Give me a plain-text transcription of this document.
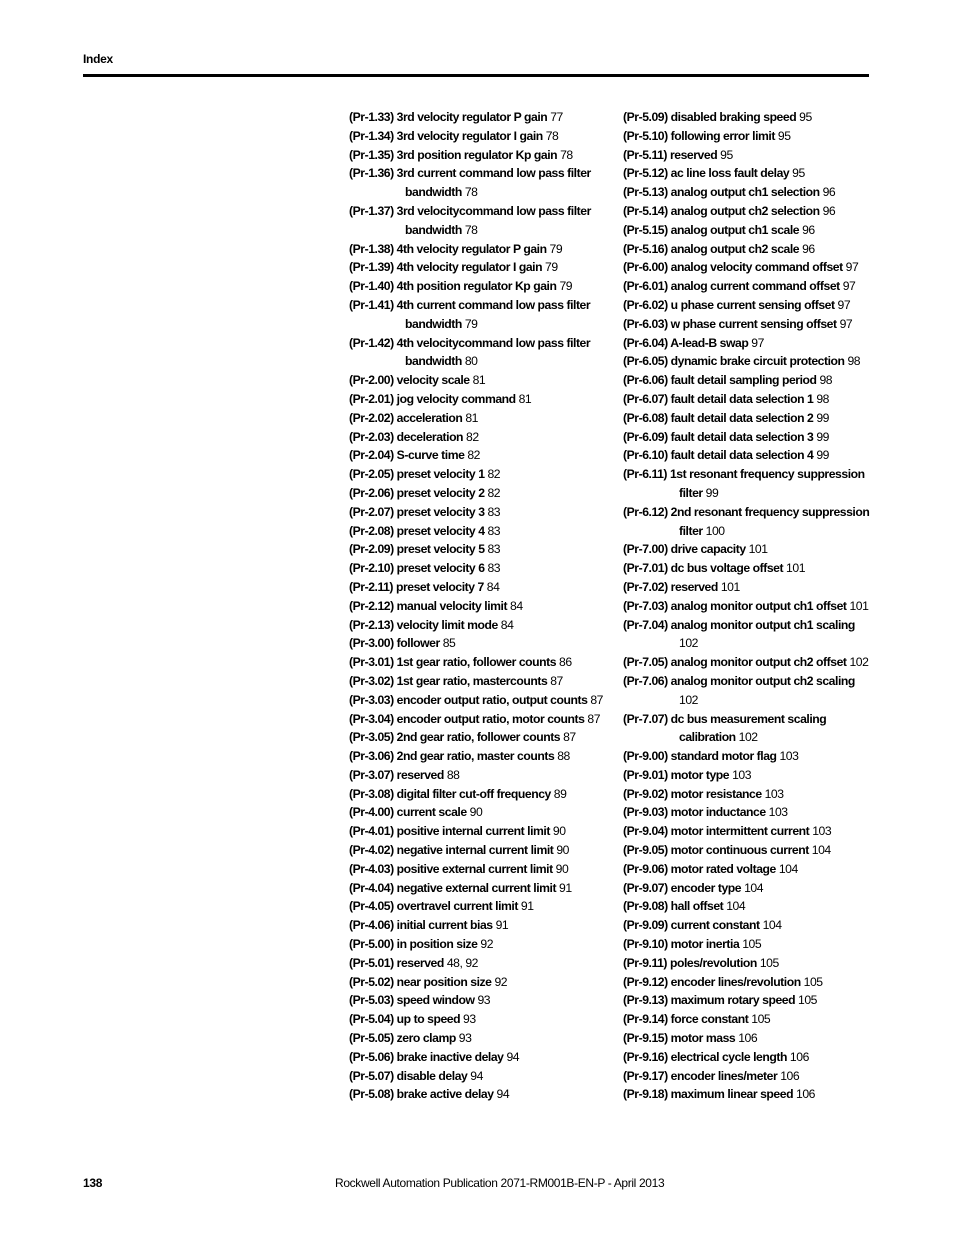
Index
(Pr-1.33) 3rd velocity regulator P gain 77
(Pr-1.34) 3rd velocity regulator I gain 78
(Pr-1.35) 3rd position regulator Kp gain 78
(Pr-1.36) 3rd current command low pass filter bandwidth 78
(Pr-1.37) 3rd velocitycommand low pass filter bandwidth 78
(Pr-1.38) 4th velocity regulator P gain 79
(Pr-1.39) 4th velocity regulator I gain 79
(Pr-1.40) 4th position regulator Kp gain 79
(Pr-1.41) 4th current command low pass filter bandwidth 79
(Pr-1.42) 4th velocitycommand low pass filter bandwidth 80
(Pr-2.00) velocity scale 81
(Pr-2.01) jog velocity command 81
(Pr-2.02) acceleration 81
(Pr-2.03) deceleration 82
(Pr-2.04) S-curve time 82
(Pr-2.05) preset velocity 1 82
(Pr-2.06) preset velocity 2 82
(Pr-2.07) preset velocity 3 83
(Pr-2.08) preset velocity 4 83
(Pr-2.09) preset velocity 5 83
(Pr-2.10) preset velocity 6 83
(Pr-2.11) preset velocity 7 84
(Pr-2.12) manual velocity limit 84
(Pr-2.13) velocity limit mode 84
(Pr-3.00) follower 85
(Pr-3.01) 1st gear ratio, follower counts 86
(Pr-3.02) 1st gear ratio, mastercounts 87
(Pr-3.03) encoder output ratio, output counts 87
(Pr-3.04) encoder output ratio, motor counts 87
(Pr-3.05) 2nd gear ratio, follower counts 87
(Pr-3.06) 2nd gear ratio, master counts 88
(Pr-3.07) reserved 88
(Pr-3.08) digital filter cut-off frequency 89
(Pr-4.00) current scale 90
(Pr-4.01) positive internal current limit 90
(Pr-4.02) negative internal current limit 90
(Pr-4.03) positive external current limit 90
(Pr-4.04) negative external current limit 91
(Pr-4.05) overtravel current limit 91
(Pr-4.06) initial current bias 91
(Pr-5.00) in position size 92
(Pr-5.01) reserved 48, 92
(Pr-5.02) near position size 92
(Pr-5.03) speed window 93
(Pr-5.04) up to speed 93
(Pr-5.05) zero clamp 93
(Pr-5.06) brake inactive delay 94
(Pr-5.07) disable delay 94
(Pr-5.08) brake active delay 94
(Pr-5.09) disabled braking speed 95
(Pr-5.10) following error limit 95
(Pr-5.11) reserved 95
(Pr-5.12) ac line loss fault delay 95
(Pr-5.13) analog output ch1 selection 96
(Pr-5.14) analog output ch2 selection 96
(Pr-5.15) analog output ch1 scale 96
(Pr-5.16) analog output ch2 scale 96
(Pr-6.00) analog velocity command offset 97
(Pr-6.01) analog current command offset 97
(Pr-6.02) u phase current sensing offset 97
(Pr-6.03) w phase current sensing offset 97
(Pr-6.04) A-lead-B swap 97
(Pr-6.05) dynamic brake circuit protection 98
(Pr-6.06) fault detail sampling period 98
(Pr-6.07) fault detail data selection 1 98
(Pr-6.08) fault detail data selection 2 99
(Pr-6.09) fault detail data selection 3 99
(Pr-6.10) fault detail data selection 4 99
(Pr-6.11) 1st resonant frequency suppression filter 99
(Pr-6.12) 2nd resonant frequency suppression filter 100
(Pr-7.00) drive capacity 101
(Pr-7.01) dc bus voltage offset 101
(Pr-7.02) reserved 101
(Pr-7.03) analog monitor output ch1 offset 101
(Pr-7.04) analog monitor output ch1 scaling 102
(Pr-7.05) analog monitor output ch2 offset 102
(Pr-7.06) analog monitor output ch2 scaling 102
(Pr-7.07) dc bus measurement scaling calibration 102
(Pr-9.00) standard motor flag 103
(Pr-9.01) motor type 103
(Pr-9.02) motor resistance 103
(Pr-9.03) motor inductance 103
(Pr-9.04) motor intermittent current 103
(Pr-9.05) motor continuous current 104
(Pr-9.06) motor rated voltage 104
(Pr-9.07) encoder type 104
(Pr-9.08) hall offset 104
(Pr-9.09) current constant 104
(Pr-9.10) motor inertia 105
(Pr-9.11) poles/revolution 105
(Pr-9.12) encoder lines/revolution 105
(Pr-9.13) maximum rotary speed 105
(Pr-9.14) force constant 105
(Pr-9.15) motor mass 106
(Pr-9.16) electrical cycle length 106
(Pr-9.17) encoder lines/meter 106
(Pr-9.18) maximum linear speed 106
138	Rockwell Automation Publication 2071-RM001B-EN-P - April 2013
